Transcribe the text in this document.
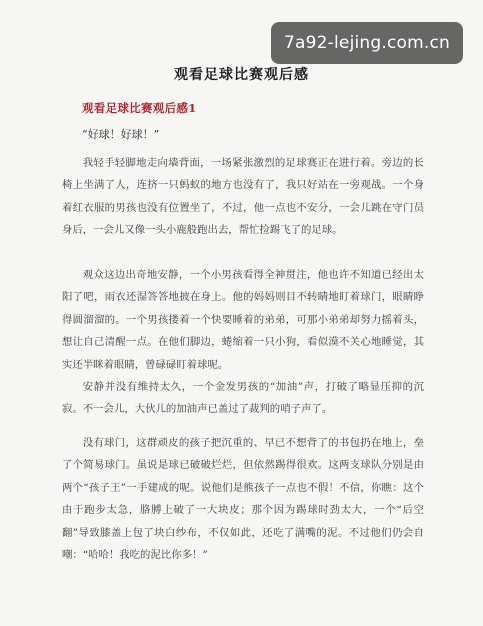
观看足球比赛观后感
观看足球比赛观后感1
“好球！好球！”

我轻手轻脚地走向墙背面，一场紧张激烈的足球赛正在进行着。旁边的长椅上坐满了人，连挤一只蚂蚁的地方也没有了，我只好站在一旁观战。一个身着红衣服的男孩也没有位置坐了，不过，他一点也不安分，一会儿跳在守门员身后，一会儿又像一头小鹿般跑出去，帮忙捡踢飞了的足球。

观众这边出奇地安静，一个小男孩看得全神贯注，他也许不知道已经出太阳了吧，雨衣还湿答答地披在身上。他的妈妈则目不转睛地盯着球门，眼睛睁得圆溜溜的。一个男孩搂着一个快要睡着的弟弟，可那小弟弟却努力摇着头，想让自己清醒一点。在他们脚边，蜷缩着一只小狗，看似漠不关心地睡觉，其实还半眯着眼睛，曾碌碌盯着球呢。

安静并没有维持太久，一个金发男孩的“加油”声，打破了略显压抑的沉寂。不一会儿，大伙儿的加油声已盖过了裁判的哨子声了。

没有球门，这群顽皮的孩子把沉重的、早已不想背了的书包扔在地上，垒了个简易球门。虽说是球已破破烂烂，但依然踢得很欢。这两支球队分别是由两个“孩子王”一手建成的呢。说他们是熊孩子一点也不假！不信，你瞧：这个由于跑步太急，胳膊上破了一大块皮；那个因为踢球时劲太大，一个“后空翻”导致膝盖上包了块白纱布，不仅如此，还吃了满嘴的泥。不过他们仍会自嘲：“哈哈！我吃的泥比你多！”

7a92-lejing.com.cn
